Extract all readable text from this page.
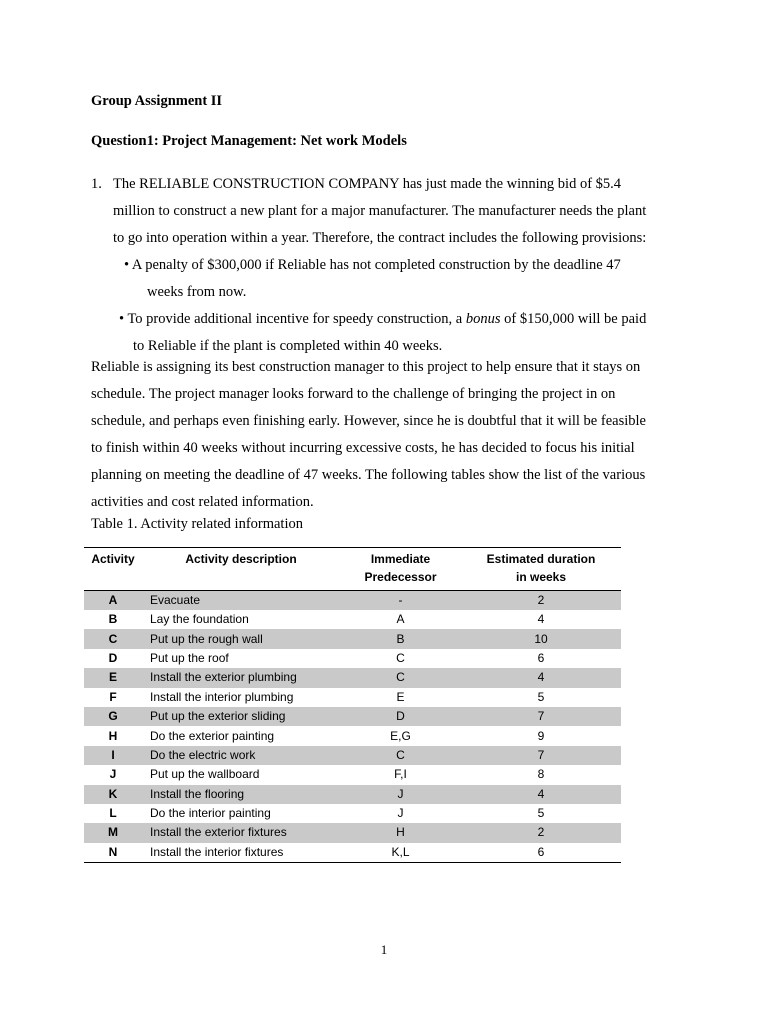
Group Assignment II
Question1: Project Management: Net work Models
1. The RELIABLE CONSTRUCTION COMPANY has just made the winning bid of $5.4
million to construct a new plant for a major manufacturer. The manufacturer needs the plant
to go into operation within a year. Therefore, the contract includes the following provisions:
• A penalty of $300,000 if Reliable has not completed construction by the deadline 47
weeks from now.
• To provide additional incentive for speedy construction, a bonus of $150,000 will be paid
to Reliable if the plant is completed within 40 weeks.
Reliable is assigning its best construction manager to this project to help ensure that it stays on
schedule. The project manager looks forward to the challenge of bringing the project in on
schedule, and perhaps even finishing early. However, since he is doubtful that it will be feasible
to finish within 40 weeks without incurring excessive costs, he has decided to focus his initial
planning on meeting the deadline of 47 weeks. The following tables show the list of the various
activities and cost related information.

Table 1. Activity related information

Activity	Activity description	Immediate
Predecessor	Estimated duration
in weeks
A	Evacuate	-	2
B	Lay the foundation	A	4
C	Put up the rough wall	B	10
D	Put up the roof	C	6
E	Install the exterior plumbing	C	4
F	Install the interior plumbing	E	5
G	Put up the exterior sliding	D	7
H	Do the exterior painting	E,G	9
I	Do the electric work	C	7
J	Put up the wallboard	F,I	8
K	Install the flooring	J	4
L	Do the interior painting	J	5
M	Install the exterior fixtures	H	2
N	Install the interior fixtures	K,L	6

1
